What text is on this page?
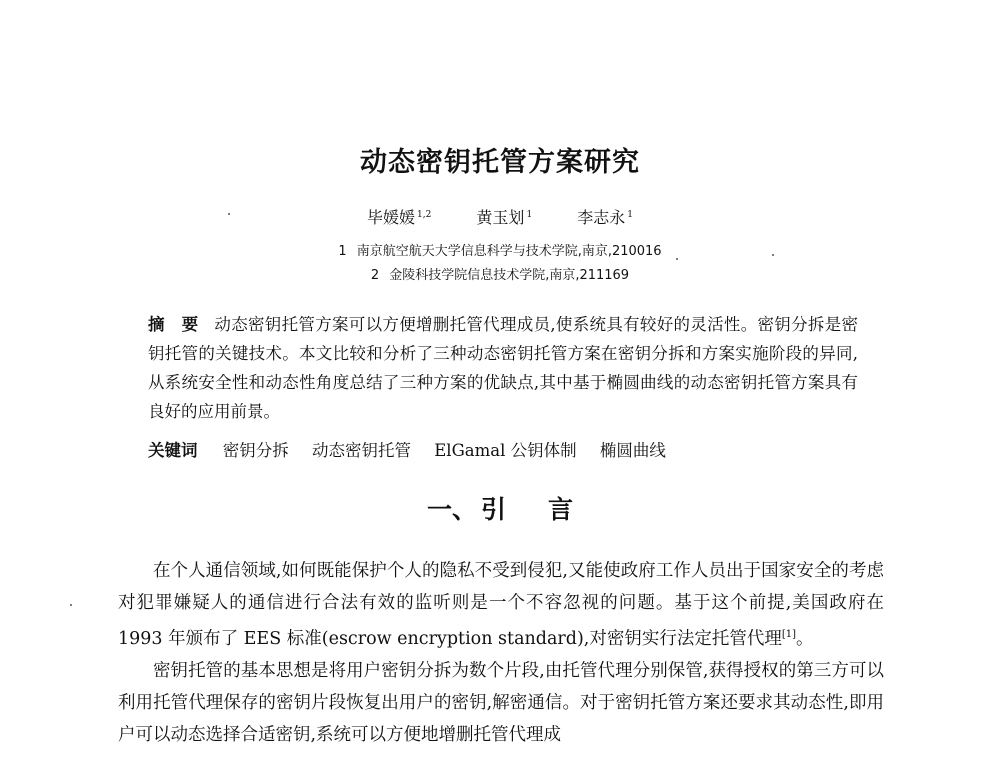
动态密钥托管方案研究
毕媛媛 $^{1,2}$	黄玉划 $^1$	李志永 $^1$
1 南京航空航天大学信息科学与技术学院,南京,210016
2 金陵科技学院信息技术学院,南京,211169

摘　要 动态密钥托管方案可以方便增删托管代理成员,使系统具有较好的灵活性。密钥分拆是密钥托管的关键技术。本文比较和分析了三种动态密钥托管方案在密钥分拆和方案实施阶段的异同,从系统安全性和动态性角度总结了三种方案的优缺点,其中基于椭圆曲线的动态密钥托管方案具有良好的应用前景。

关键词 密钥分拆 动态密钥托管 ElGamal 公钥体制 椭圆曲线

一、 引 言

在个人通信领域,如何既能保护个人的隐私不受到侵犯,又能使政府工作人员出于国家安全的考虑对犯罪嫌疑人的通信进行合法有效的监听则是一个不容忽视的问题。基于这个前提,美国政府在 1993 年颁布了 EES 标准(escrow encryption standard),对密钥实行法定托管代理[1]。

密钥托管的基本思想是将用户密钥分拆为数个片段,由托管代理分别保管,获得授权的第三方可以利用托管代理保存的密钥片段恢复出用户的密钥,解密通信。对于密钥托管方案还要求其动态性,即用户可以动态选择合适密钥,系统可以方便地增删托管代理成
